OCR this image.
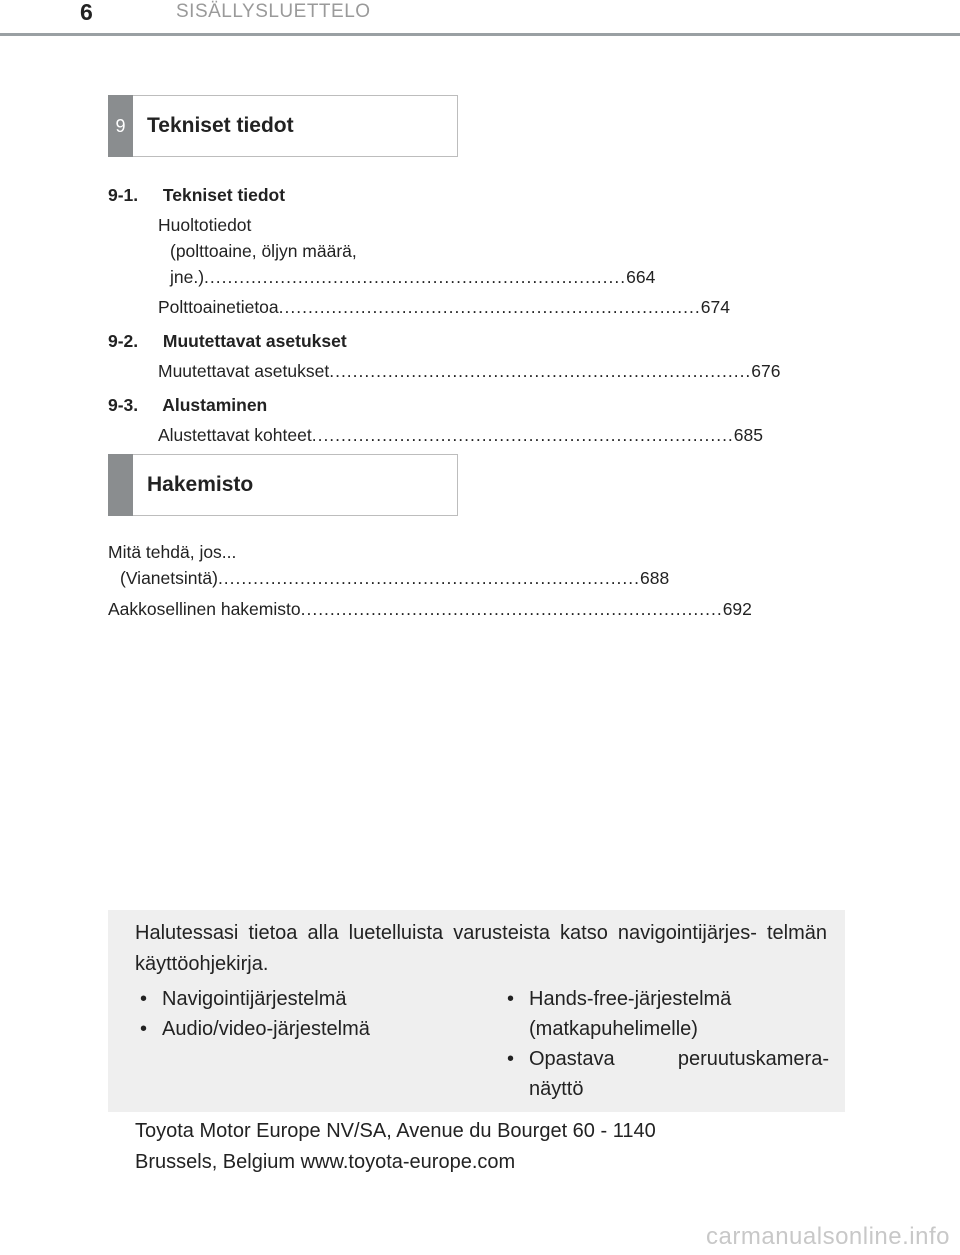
6	SISÄLLYSLUETTELO
9	Tekniset tiedot
9-1. Tekniset tiedot
Huoltotiedot
(polttoaine, öljyn määrä,
jne.) ........................................................................ 664
Polttoainetietoa ........................................................................ 674
9-2. Muutettavat asetukset
Muutettavat asetukset ........................................................................ 676
9-3. Alustaminen
Alustettavat kohteet ........................................................................ 685
Hakemisto
Mitä tehdä, jos...
(Vianetsintä) ........................................................................ 688
Aakkosellinen hakemisto ........................................................................ 692
Halutessasi tietoa alla luetelluista varusteista katso navigointijärjes- telmän käyttöohjekirja.
• Navigointijärjestelmä
• Audio/video-järjestelmä
• Hands-free-järjestelmä
(matkapuhelimelle)
• Opastava peruutuskamera-
näyttö
Toyota Motor Europe NV/SA, Avenue du Bourget 60 - 1140
Brussels, Belgium www.toyota-europe.com
carmanualsonline.info
